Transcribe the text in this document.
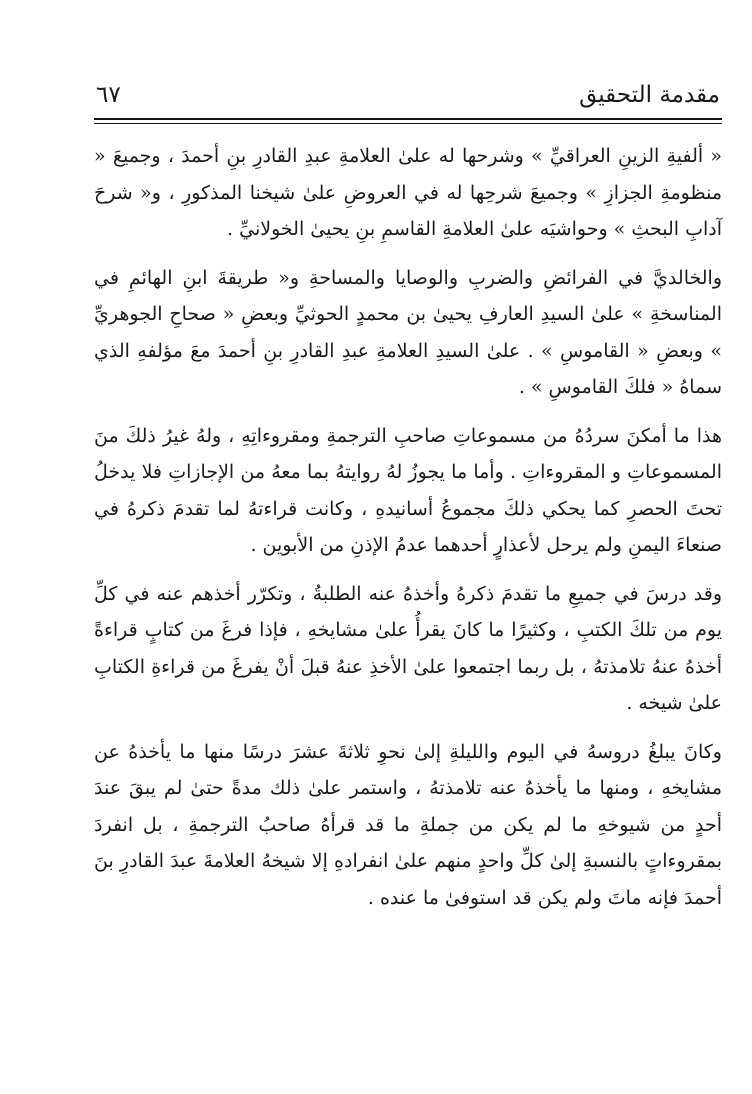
مقدمة التحقيق
٦٧

« ألفيةِ الزينِ العراقيِّ » وشرحها له علىٰ العلامةِ عبدِ القادرِ بنِ أحمدَ ، وجميعَ « منظومةِ الجزازِ » وجميعَ شرحِها له في العروضِ علىٰ شيخنا المذكورِ ، و« شرحَ آدابِ البحثِ » وحواشيَه علىٰ العلامةِ القاسمِ بنِ يحيىٰ الخولانيِّ .

والخالديَّ في الفرائضِ والضربِ والوصايا والمساحةِ و« طريقةَ ابنِ الهائمِ في المناسخةِ » علىٰ السيدِ العارفِ يحيىٰ بن محمدٍ الحوثيِّ وبعضِ « صحاحِ الجوهريِّ » وبعضِ « القاموسِ » . علىٰ السيدِ العلامةِ عبدِ القادرِ بنِ أحمدَ معَ مؤلفهِ الذي سماهُ « فلكَ القاموسِ » .

هذا ما أمكنَ سردُهُ من مسموعاتِ صاحبِ الترجمةِ ومقروءاتِهِ ، ولهُ غيرُ ذلكَ منَ المسموعاتِ و المقروءاتِ . وأما ما يجوزُ لهُ روايتهُ بما معهُ من الإجازاتِ فلا يدخلُ تحتَ الحصرِ كما يحكي ذلكَ مجموعُ أسانيدهِ ، وكانت قراءتهُ لما تقدمَ ذكرهُ في صنعاءَ اليمنِ ولم يرحل لأعذارٍ أحدهما عدمُ الإذنِ من الأبوين .

وقد درسَ في جميعِ ما تقدمَ ذكرهُ وأخذهُ عنه الطلبةُ ، وتكرّر أخذهم عنه في كلِّ يوم من تلكَ الكتبِ ، وكثيرًا ما كانَ يقرأُ علىٰ مشايخهِ ، فإذا فرغَ من كتابٍ قراءةً أخذهُ عنهُ تلامذتهُ ، بل ربما اجتمعوا علىٰ الأخذِ عنهُ قبلَ أنْ يفرغَ من قراءةِ الكتابِ علىٰ شيخه .

وكانَ يبلغُ دروسهُ في اليوم والليلةِ إلىٰ نحوِ ثلاثةَ عشرَ درسًا منها ما يأخذهُ عن مشايخهِ ، ومنها ما يأخذهُ عنه تلامذتهُ ، واستمر علىٰ ذلك مدةً حتىٰ لم يبقَ عندَ أحدٍ من شيوخهِ ما لم يكن من جملةِ ما قد قرأهُ صاحبُ الترجمةِ ، بل انفردَ بمقروءاتٍ بالنسبةِ إلىٰ كلِّ واحدٍ منهم علىٰ انفرادهِ إلا شيخهُ العلامةَ عبدَ القادرِ بنَ أحمدَ فإنه ماتَ ولم يكن قد استوفىٰ ما عنده .
